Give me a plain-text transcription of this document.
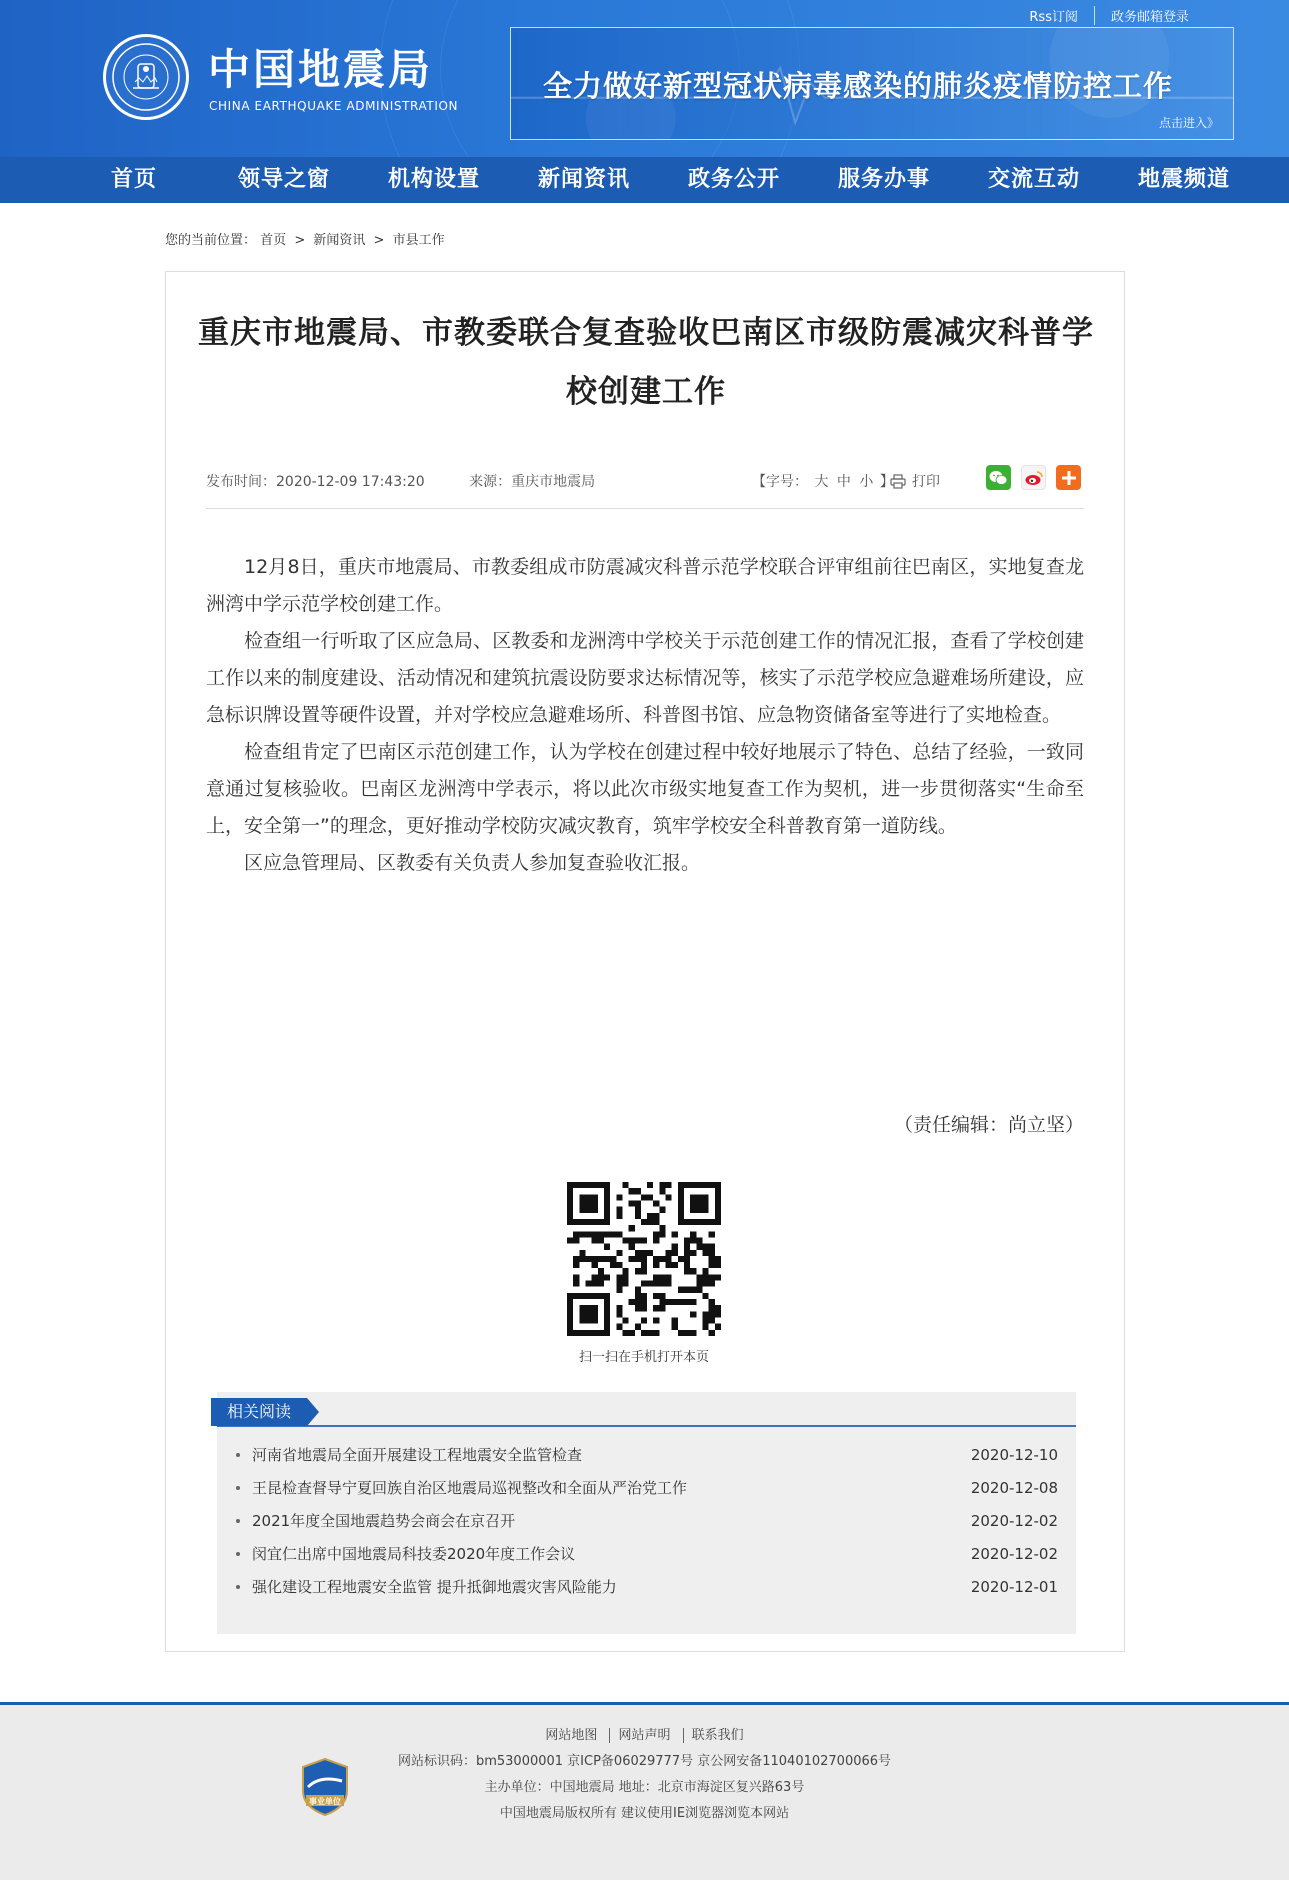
中国地震局
CHINA EARTHQUAKE ADMINISTRATION
Rss订阅	政务邮箱登录
全力做好新型冠状病毒感染的肺炎疫情防控工作
点击进入》
首页	领导之窗	机构设置	新闻资讯	政务公开	服务办事	交流互动	地震频道
您的当前位置： 首页 > 新闻资讯 > 市县工作
重庆市地震局、市教委联合复查验收巴南区市级防震减灾科普学校创建工作
发布时间：2020-12-09 17:43:20	来源：重庆市地震局	【字号： 大 中 小 】 打印

12月8日，重庆市地震局、市教委组成市防震减灾科普示范学校联合评审组前往巴南区，实地复查龙洲湾中学示范学校创建工作。

检查组一行听取了区应急局、区教委和龙洲湾中学校关于示范创建工作的情况汇报，查看了学校创建工作以来的制度建设、活动情况和建筑抗震设防要求达标情况等，核实了示范学校应急避难场所建设，应急标识牌设置等硬件设置，并对学校应急避难场所、科普图书馆、应急物资储备室等进行了实地检查。

检查组肯定了巴南区示范创建工作，认为学校在创建过程中较好地展示了特色、总结了经验，一致同意通过复核验收。巴南区龙洲湾中学表示，将以此次市级实地复查工作为契机，进一步贯彻落实“生命至上，安全第一”的理念，更好推动学校防灾减灾教育，筑牢学校安全科普教育第一道防线。

区应急管理局、区教委有关负责人参加复查验收汇报。

（责任编辑：尚立坚）
扫一扫在手机打开本页
相关阅读
河南省地震局全面开展建设工程地震安全监管检查	2020-12-10
王昆检查督导宁夏回族自治区地震局巡视整改和全面从严治党工作	2020-12-08
2021年度全国地震趋势会商会在京召开	2020-12-02
闵宜仁出席中国地震局科技委2020年度工作会议	2020-12-02
强化建设工程地震安全监管 提升抵御地震灾害风险能力	2020-12-01
事业单位
网站地图 网站声明 联系我们
网站标识码：bm53000001 京ICP备06029777号 京公网安备11040102700066号
主办单位：中国地震局 地址：北京市海淀区复兴路63号
中国地震局版权所有 建议使用IE浏览器浏览本网站
